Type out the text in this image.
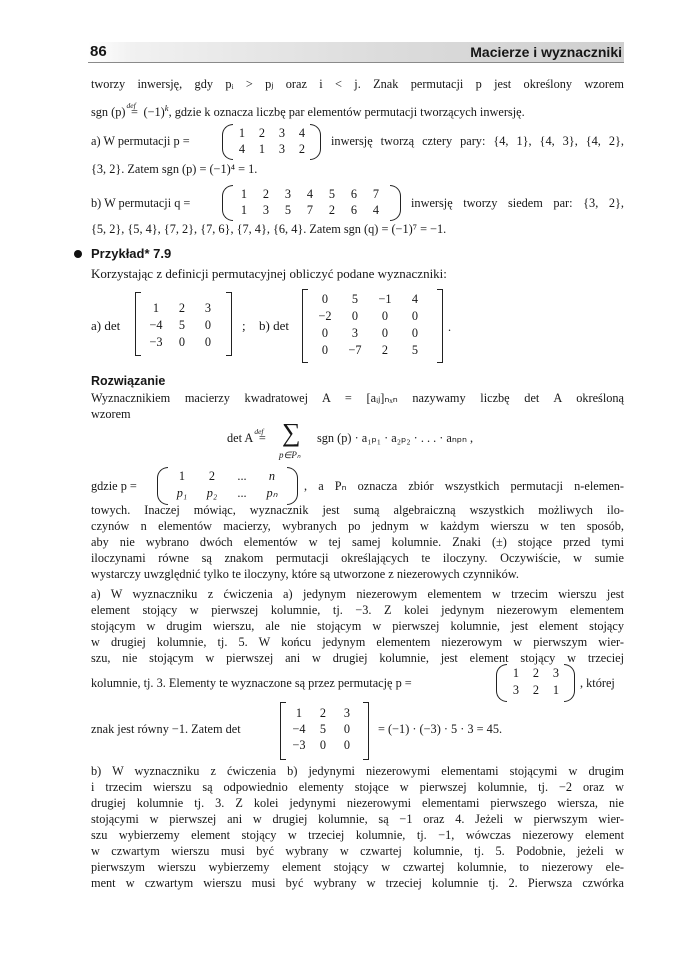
86	Macierze i wyznaczniki
tworzy inwersję, gdy pᵢ > pⱼ oraz i < j. Znak permutacji p jest określony wzorem
sgn (p) def
= $(-1)^k$, gdzie k oznacza liczbę par elementów permutacji tworzących inwersję.
a) W permutacji p =
1	2	3	4
4	1	3	2
inwersję tworzą cztery pary: {4, 1}, {4, 3}, {4, 2},
{3, 2}. Zatem sgn (p) = (−1)⁴ = 1.
b) W permutacji q =
1	2	3	4	5	6	7
1	3	5	7	2	6	4	inwersję tworzy siedem par: {3, 2},
{5, 2}, {5, 4}, {7, 2}, {7, 6}, {7, 4}, {6, 4}. Zatem sgn (q) = (−1)⁷ = −1.
Przykład* 7.9
Korzystając z definicji permutacyjnej obliczyć podane wyznaczniki:
a) det
1	2	3
−4	5	0
−3	0	0
; b) det
0	5	−1	4
−2	0	0	0
0	3	0	0
0	−7	2	5
.
Rozwiązanie
Wyznacznikiem macierzy kwadratowej A = [aᵢⱼ]ₙₓₙ nazywamy liczbę det A określoną
wzorem
det A def
= ∑
p∈Pₙ
sgn (p) · a₁ₚ₁ · a₂ₚ₂ · . . . · aₙₚₙ ,
gdzie p =
1	2	...	n
p₁	p₂	...	pₙ	, a Pₙ oznacza zbiór wszystkich permutacji n-elemen-
towych. Inaczej mówiąc, wyznacznik jest sumą algebraiczną wszystkich możliwych ilo-
czynów n elementów macierzy, wybranych po jednym w każdym wierszu w ten sposób,
aby nie wybrano dwóch elementów w tej samej kolumnie. Znaki (±) stojące przed tymi
iloczynami równe są znakom permutacji określających te iloczyny. Oczywiście, w sumie
wystarczy uwzględnić tylko te iloczyny, które są utworzone z niezerowych czynników.
a) W wyznaczniku z ćwiczenia a) jedynym niezerowym elementem w trzecim wierszu jest
element stojący w pierwszej kolumnie, tj. −3. Z kolei jedynym niezerowym elementem
stojącym w drugim wierszu, ale nie stojącym w pierwszej kolumnie, jest element stojący
w drugiej kolumnie, tj. 5. W końcu jedynym elementem niezerowym w pierwszym wier-
szu, nie stojącym w pierwszej ani w drugiej kolumnie, jest element stojący w trzeciej
kolumnie, tj. 3. Elementy te wyznaczone są przez permutację p =
1	2	3
3	2	1	, której
znak jest równy −1. Zatem det
1	2	3
−4	5	0
−3	0	0
= (−1) · (−3) · 5 · 3 = 45.
b) W wyznaczniku z ćwiczenia b) jedynymi niezerowymi elementami stojącymi w drugim
i trzecim wierszu są odpowiednio elementy stojące w pierwszej kolumnie, tj. −2 oraz w
drugiej kolumnie tj. 3. Z kolei jedynymi niezerowymi elementami pierwszego wiersza, nie
stojącymi w pierwszej ani w drugiej kolumnie, są −1 oraz 4. Jeżeli w pierwszym wier-
szu wybierzemy element stojący w trzeciej kolumnie, tj. −1, wówczas niezerowy element
w czwartym wierszu musi być wybrany w czwartej kolumnie, tj. 5. Podobnie, jeżeli w
pierwszym wierszu wybierzemy element stojący w czwartej kolumnie, to niezerowy ele-
ment w czwartym wierszu musi być wybrany w trzeciej kolumnie tj. 2. Pierwsza czwórka
